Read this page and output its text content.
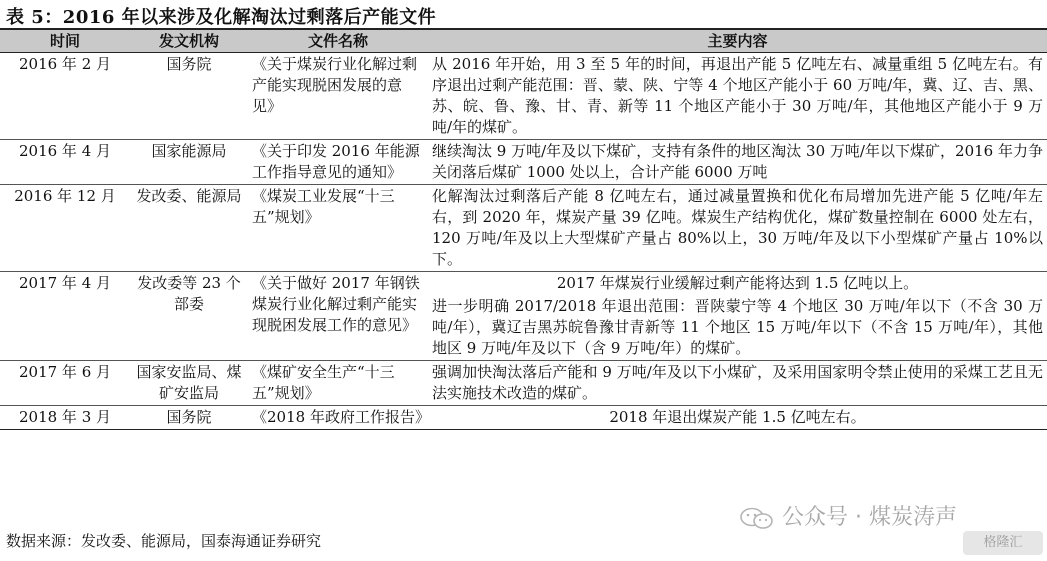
表 5：2016 年以来涉及化解淘汰过剩落后产能文件
时间	发文机构	文件名称	主要内容
2016 年 2 月	国务院	《关于煤炭行业化解过剩产能实现脱困发展的意见》	从 2016 年开始，用 3 至 5 年的时间，再退出产能 5 亿吨左右、减量重组 5 亿吨左右。有序退出过剩产能范围：晋、蒙、陕、宁等 4 个地区产能小于 60 万吨/年，冀、辽、吉、黑、苏、皖、鲁、豫、甘、青、新等 11 个地区产能小于 30 万吨/年，其他地区产能小于 9 万吨/年的煤矿。
2016 年 4 月	国家能源局	《关于印发 2016 年能源工作指导意见的通知》	继续淘汰 9 万吨/年及以下煤矿，支持有条件的地区淘汰 30 万吨/年以下煤矿，2016 年力争关闭落后煤矿 1000 处以上，合计产能 6000 万吨
2016 年 12 月	发改委、能源局	《煤炭工业发展“十三五”规划》	化解淘汰过剩落后产能 8 亿吨左右，通过减量置换和优化布局增加先进产能 5 亿吨/年左右，到 2020 年，煤炭产量 39 亿吨。煤炭生产结构优化，煤矿数量控制在 6000 处左右，120 万吨/年及以上大型煤矿产量占 80%以上，30 万吨/年及以下小型煤矿产量占 10%以下。
2017 年 4 月	发改委等 23 个部委	《关于做好 2017 年钢铁煤炭行业化解过剩产能实现脱困发展工作的意见》	2017 年煤炭行业缓解过剩产能将达到 1.5 亿吨以上。
			进一步明确 2017/2018 年退出范围：晋陕蒙宁等 4 个地区 30 万吨/年以下（不含 30 万吨/年），冀辽吉黑苏皖鲁豫甘青新等 11 个地区 15 万吨/年以下（不含 15 万吨/年），其他地区 9 万吨/年及以下（含 9 万吨/年）的煤矿。
2017 年 6 月	国家安监局、煤矿安监局	《煤矿安全生产“十三五”规划》	强调加快淘汰落后产能和 9 万吨/年及以下小煤矿，及采用国家明令禁止使用的采煤工艺且无法实施技术改造的煤矿。
2018 年 3 月	国务院	《2018 年政府工作报告》	2018 年退出煤炭产能 1.5 亿吨左右。
数据来源：发改委、能源局，国泰海通证券研究
公众号 · 煤炭涛声
格隆汇
